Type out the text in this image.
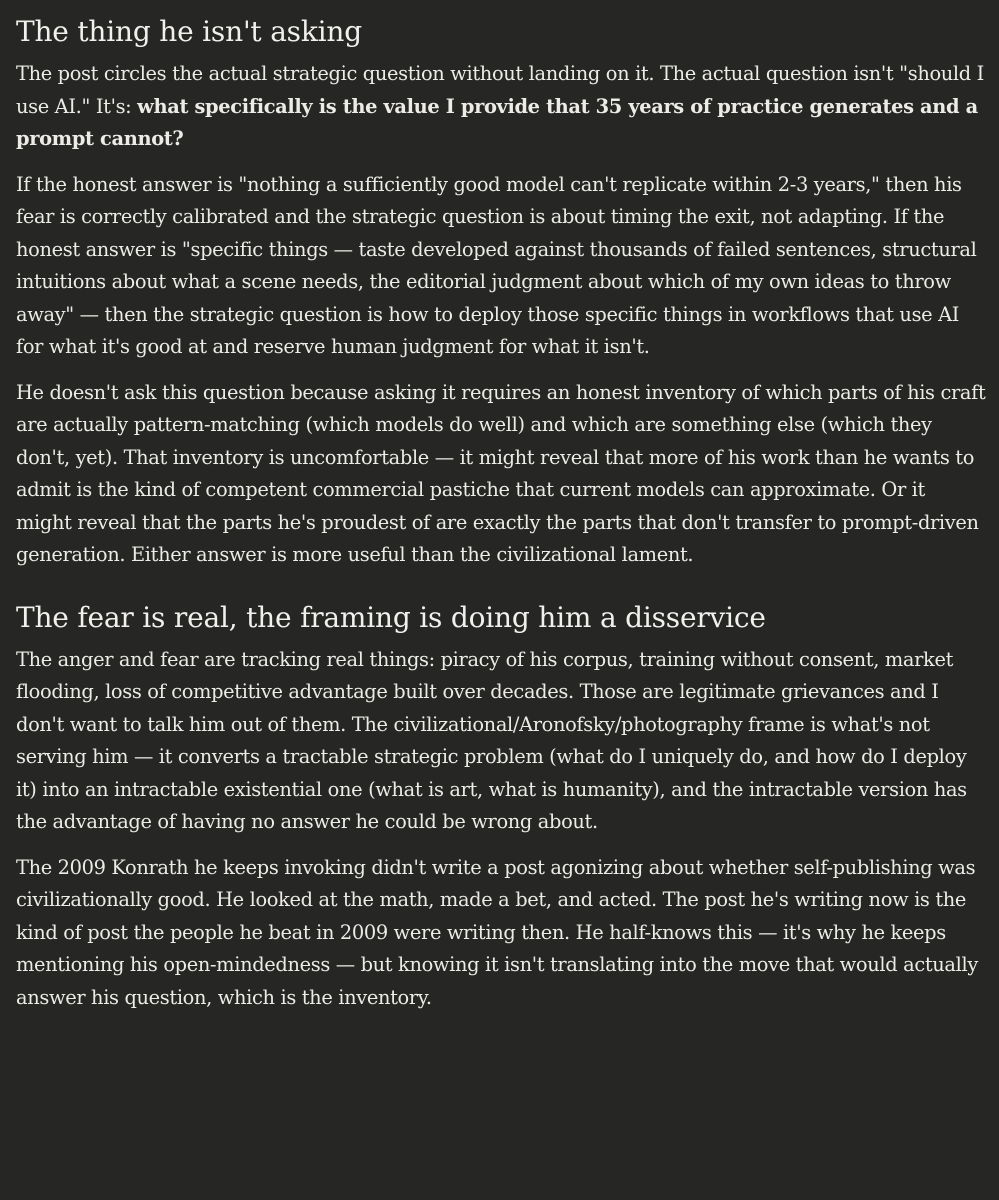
The thing he isn't asking

The post circles the actual strategic question without landing on it. The actual question isn't "should I use AI." It's: what specifically is the value I provide that 35 years of practice generates and a prompt cannot?

If the honest answer is "nothing a sufficiently good model can't replicate within 2-3 years," then his fear is correctly calibrated and the strategic question is about timing the exit, not adapting. If the honest answer is "specific things — taste developed against thousands of failed sentences, structural intuitions about what a scene needs, the editorial judgment about which of my own ideas to throw away" — then the strategic question is how to deploy those specific things in workflows that use AI for what it's good at and reserve human judgment for what it isn't.

He doesn't ask this question because asking it requires an honest inventory of which parts of his craft are actually pattern-matching (which models do well) and which are something else (which they don't, yet). That inventory is uncomfortable — it might reveal that more of his work than he wants to admit is the kind of competent commercial pastiche that current models can approximate. Or it might reveal that the parts he's proudest of are exactly the parts that don't transfer to prompt-driven generation. Either answer is more useful than the civilizational lament.

The fear is real, the framing is doing him a disservice

The anger and fear are tracking real things: piracy of his corpus, training without consent, market flooding, loss of competitive advantage built over decades. Those are legitimate grievances and I don't want to talk him out of them. The civilizational/Aronofsky/photography frame is what's not serving him — it converts a tractable strategic problem (what do I uniquely do, and how do I deploy it) into an intractable existential one (what is art, what is humanity), and the intractable version has the advantage of having no answer he could be wrong about.

The 2009 Konrath he keeps invoking didn't write a post agonizing about whether self-publishing was civilizationally good. He looked at the math, made a bet, and acted. The post he's writing now is the kind of post the people he beat in 2009 were writing then. He half-knows this — it's why he keeps mentioning his open-mindedness — but knowing it isn't translating into the move that would actually answer his question, which is the inventory.
